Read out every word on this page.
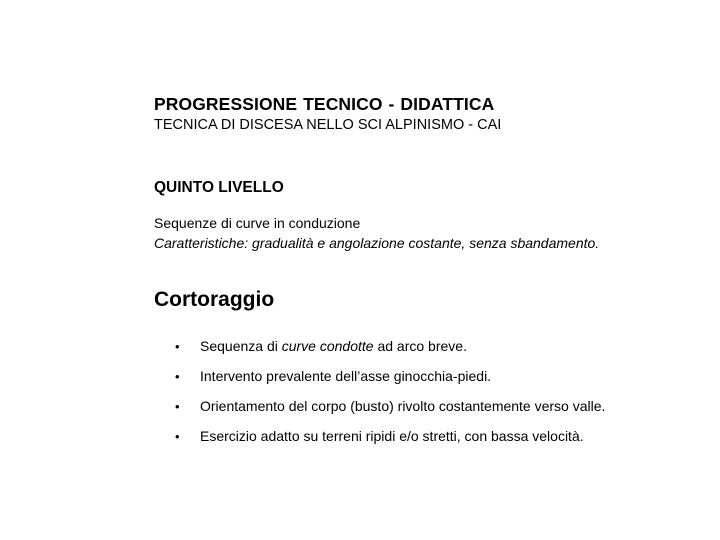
PROGRESSIONE TECNICO - DIDATTICA
TECNICA DI DISCESA NELLO SCI ALPINISMO - CAI
QUINTO LIVELLO
Sequenze di curve in conduzione
Caratteristiche: gradualità e angolazione costante, senza sbandamento.
Cortoraggio
•	Sequenza di curve condotte ad arco breve.
•	Intervento prevalente dell’asse ginocchia-piedi.
•	Orientamento del corpo (busto) rivolto costantemente verso valle.
•	Esercizio adatto su terreni ripidi e/o stretti, con bassa velocità.
